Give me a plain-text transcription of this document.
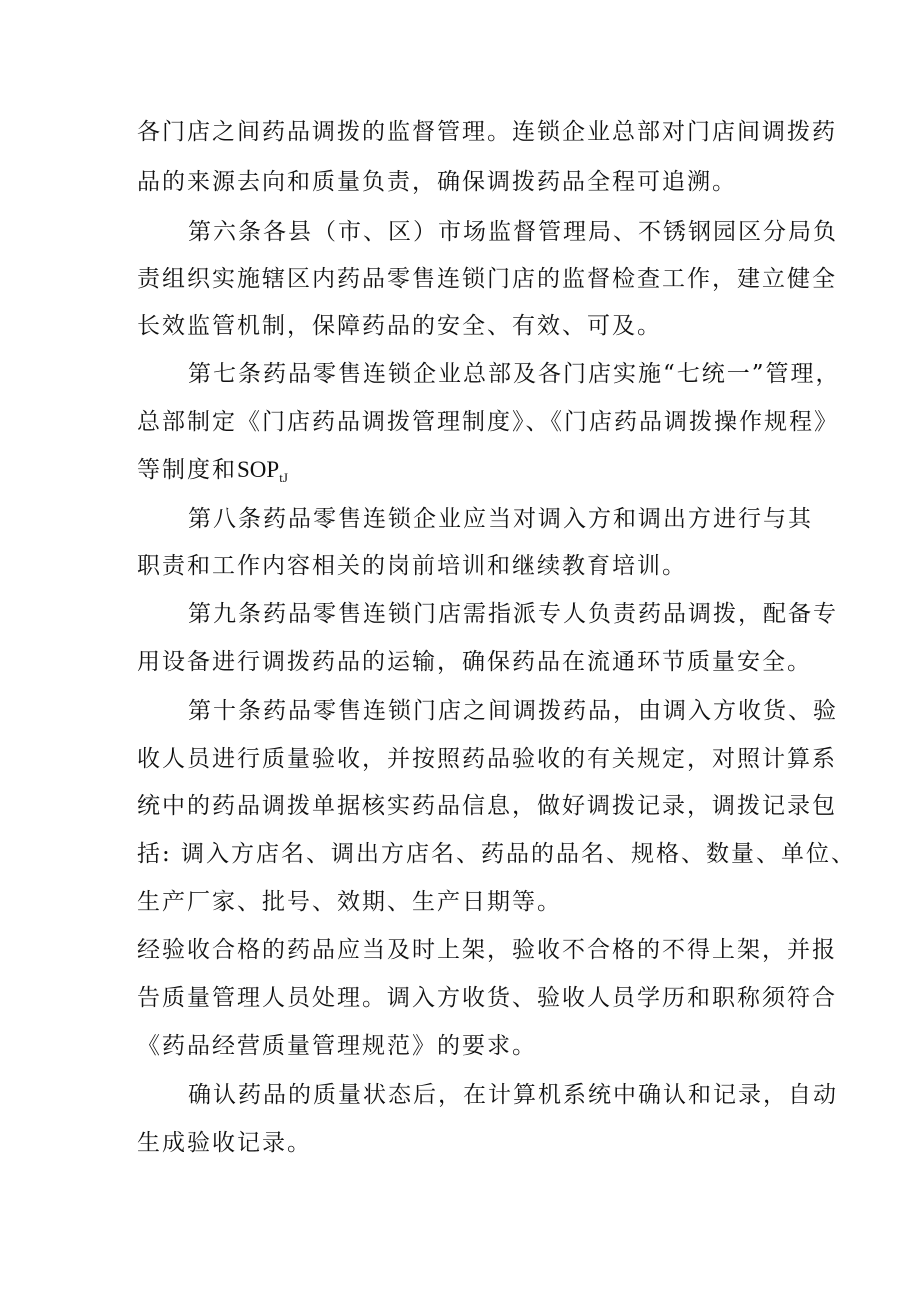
各门店之间药品调拨的监督管理。连锁企业总部对门店间调拨药
品的来源去向和质量负责，确保调拨药品全程可追溯。
第六条各县（市、区）市场监督管理局、不锈钢园区分局负
责组织实施辖区内药品零售连锁门店的监督检查工作，建立健全
长效监管机制，保障药品的安全、有效、可及。
第七条药品零售连锁企业总部及各门店实施“七统一”管理，
总部制定《门店药品调拨管理制度》、《门店药品调拨操作规程》
等制度和$SOP_{tJ}$
第八条药品零售连锁企业应当对调入方和调出方进行与其
职责和工作内容相关的岗前培训和继续教育培训。
第九条药品零售连锁门店需指派专人负责药品调拨，配备专
用设备进行调拨药品的运输，确保药品在流通环节质量安全。
第十条药品零售连锁门店之间调拨药品，由调入方收货、验
收人员进行质量验收，并按照药品验收的有关规定，对照计算系
统中的药品调拨单据核实药品信息，做好调拨记录，调拨记录包
括: 调入方店名、调出方店名、药品的品名、规格、数量、单位、
生产厂家、批号、效期、生产日期等。
经验收合格的药品应当及时上架，验收不合格的不得上架，并报
告质量管理人员处理。调入方收货、验收人员学历和职称须符合
《药品经营质量管理规范》的要求。
确认药品的质量状态后，在计算机系统中确认和记录，自动
生成验收记录。
